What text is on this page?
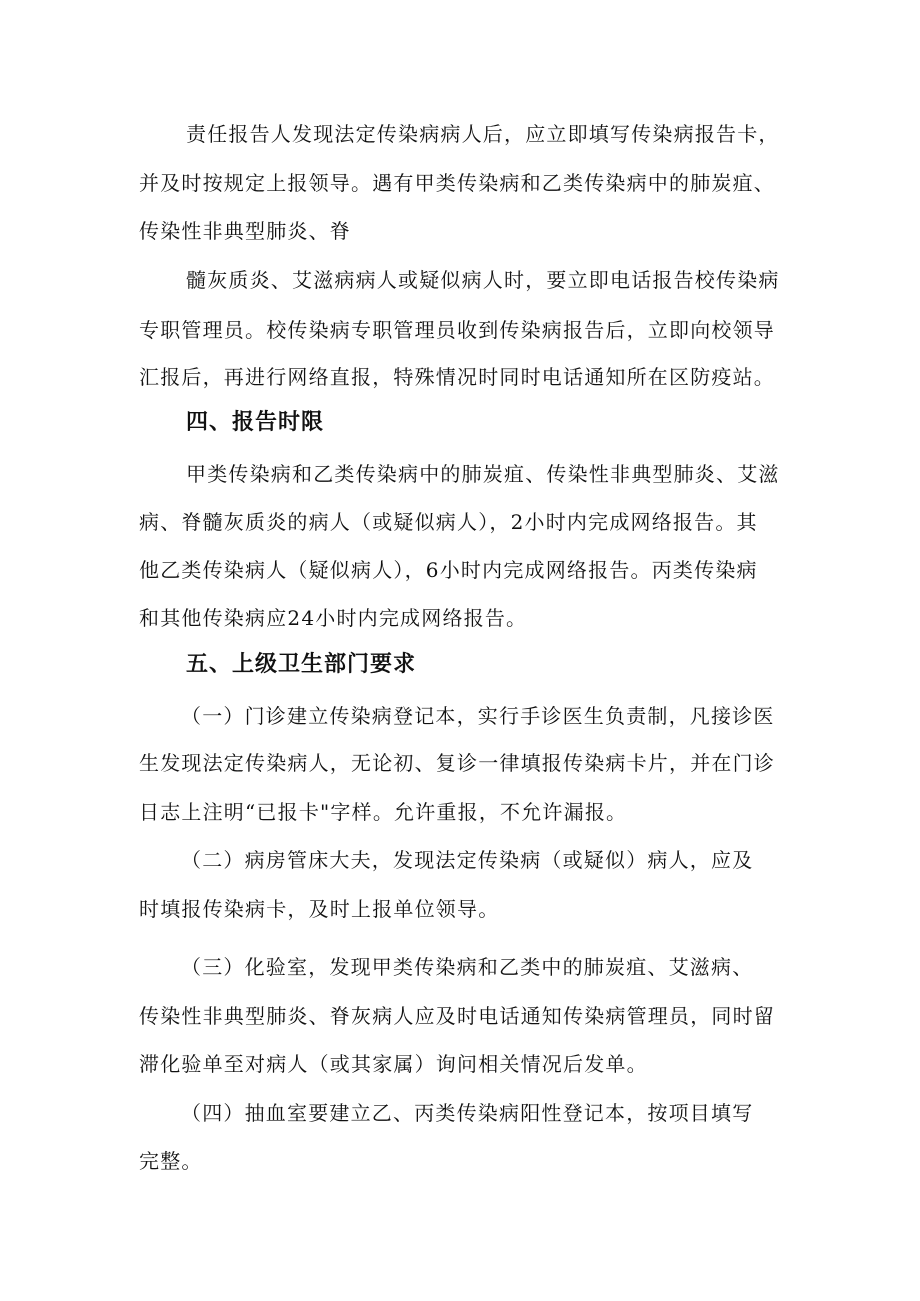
责任报告人发现法定传染病病人后，应立即填写传染病报告卡，
并及时按规定上报领导。遇有甲类传染病和乙类传染病中的肺炭疽、
传染性非典型肺炎、脊
髓灰质炎、艾滋病病人或疑似病人时，要立即电话报告校传染病
专职管理员。校传染病专职管理员收到传染病报告后，立即向校领导
汇报后，再进行网络直报，特殊情况时同时电话通知所在区防疫站。
四、报告时限
甲类传染病和乙类传染病中的肺炭疽、传染性非典型肺炎、艾滋
病、脊髓灰质炎的病人（或疑似病人），2小时内完成网络报告。其
他乙类传染病人（疑似病人），6小时内完成网络报告。丙类传染病
和其他传染病应24小时内完成网络报告。
五、上级卫生部门要求
（一）门诊建立传染病登记本，实行手诊医生负责制，凡接诊医
生发现法定传染病人，无论初、复诊一律填报传染病卡片，并在门诊
日志上注明“已报卡"字样。允许重报，不允许漏报。
（二）病房管床大夫，发现法定传染病（或疑似）病人，应及
时填报传染病卡，及时上报单位领导。
（三）化验室，发现甲类传染病和乙类中的肺炭疽、艾滋病、
传染性非典型肺炎、脊灰病人应及时电话通知传染病管理员，同时留
滞化验单至对病人（或其家属）询问相关情况后发单。
（四）抽血室要建立乙、丙类传染病阳性登记本，按项目填写
完整。
